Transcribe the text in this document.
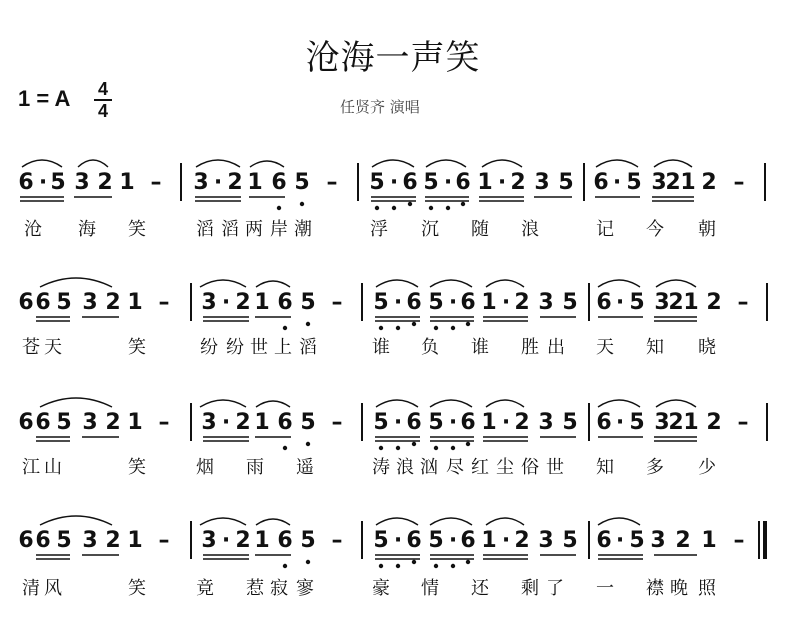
沧海一声笑
1 = A	4
4	任贤齐 演唱
6 · 5 3 2 1 – 3 · 2 1 6 5 – 5 · 6 5 · 6 1 · 2 3 5 6 · 5 3
2 1 2 –
沧 海 笑	滔 滔 两 岸 潮	浮 沉 随 浪	记 今 朝
6 6 5 3 2 1 – 3 · 2 1 6 5 – 5 · 6 5 · 6 1 · 2 3 5 6 · 5 3
2 1 2 –
苍 天	笑	纷 纷 世 上 滔	谁 负 谁 胜 出 天 知 晓
6 6 5 3 2 1 – 3 · 2 1 6 5 – 5 · 6 5 · 6 1 · 2 3 5 6 · 5 3
2 1 2 –
江 山	笑	烟 雨 遥	涛 浪 汹 尽 红 尘 俗 世 知 多 少
6 6 5 3 2 1 – 3 · 2 1 6 5 – 5 · 6 5 · 6 1 · 2 3 5 6 · 5 3 2 1 –
清 风	笑	竟 惹 寂 寥	豪 情 还 剩 了 一 襟 晚 照
